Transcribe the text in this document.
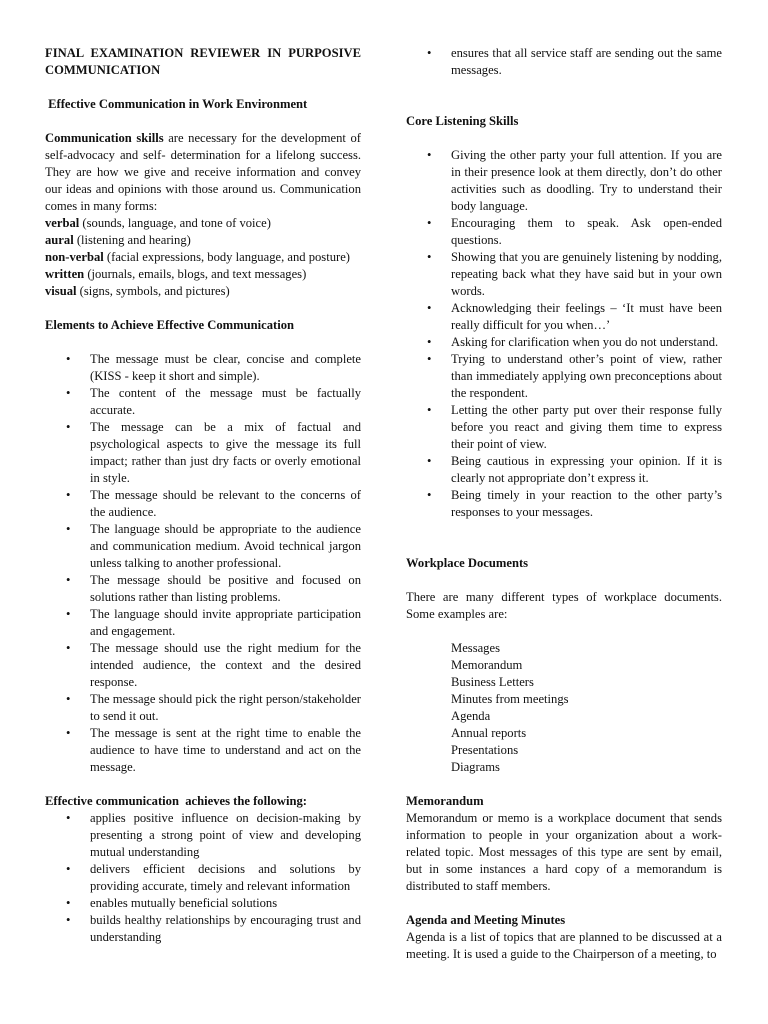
FINAL EXAMINATION REVIEWER IN PURPOSIVE COMMUNICATION

Effective Communication in Work Environment

Communication skills are necessary for the development of self-advocacy and self- determination for a lifelong success. They are how we give and receive information and convey our ideas and opinions with those around us. Communication comes in many forms:

verbal (sounds, language, and tone of voice)

aural (listening and hearing)

non-verbal (facial expressions, body language, and posture)

written (journals, emails, blogs, and text messages)

visual (signs, symbols, and pictures)

Elements to Achieve Effective Communication

• The message must be clear, concise and complete (KISS - keep it short and simple).
• The content of the message must be factually accurate.
• The message can be a mix of factual and psychological aspects to give the message its full impact; rather than just dry facts or overly emotional in style.
• The message should be relevant to the concerns of the audience.
• The language should be appropriate to the audience and communication medium. Avoid technical jargon unless talking to another professional.
• The message should be positive and focused on solutions rather than listing problems.
• The language should invite appropriate participation and engagement.
• The message should use the right medium for the intended audience, the context and the desired response.
• The message should pick the right person/stakeholder to send it out.
• The message is sent at the right time to enable the audience to have time to understand and act on the message.

Effective communication  achieves the following:

• applies positive influence on decision-making by presenting a strong point of view and developing mutual understanding
• delivers efficient decisions and solutions by providing accurate, timely and relevant information
• enables mutually beneficial solutions
• builds healthy relationships by encouraging trust and understanding
• ensures that all service staff are sending out the same messages.

Core Listening Skills

• Giving the other party your full attention. If you are in their presence look at them directly, don’t do other activities such as doodling. Try to understand their body language.
• Encouraging them to speak. Ask open-ended questions.
• Showing that you are genuinely listening by nodding, repeating back what they have said but in your own words.
• Acknowledging their feelings – ‘It must have been really difficult for you when…’
• Asking for clarification when you do not understand.
• Trying to understand other’s point of view, rather than immediately applying own preconceptions about the respondent.
• Letting the other party put over their response fully before you react and giving them time to express their point of view.
• Being cautious in expressing your opinion. If it is clearly not appropriate don’t express it.
• Being timely in your reaction to the other party’s responses to your messages.

Workplace Documents

There are many different types of workplace documents. Some examples are:

Messages
Memorandum
Business Letters
Minutes from meetings
Agenda
Annual reports
Presentations
Diagrams

Memorandum

Memorandum or memo is a workplace document that sends information to people in your organization about a work-related topic. Most messages of this type are sent by email, but in some instances a hard copy of a memorandum is distributed to staff members.

Agenda and Meeting Minutes

Agenda is a list of topics that are planned to be discussed at a meeting. It is used a guide to the Chairperson of a meeting, to
